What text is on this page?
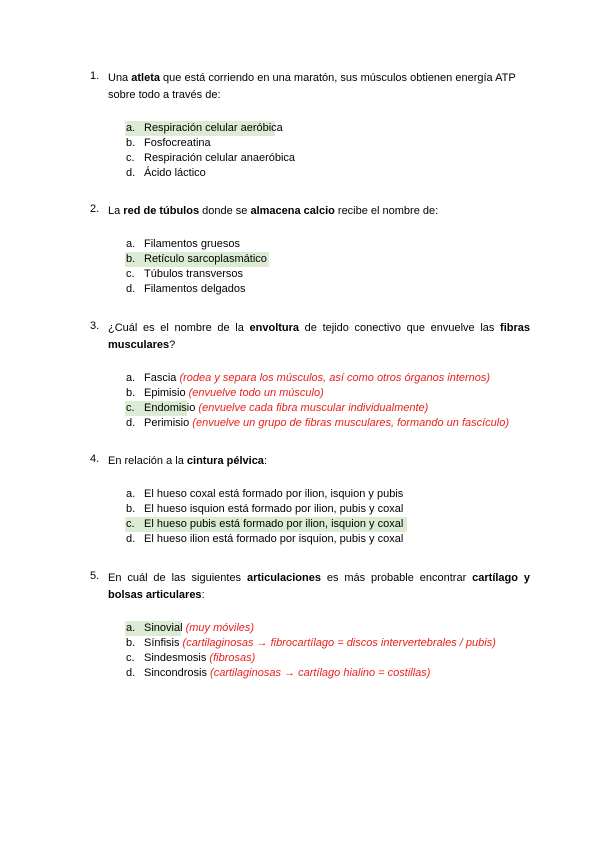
1. Una atleta que está corriendo en una maratón, sus músculos obtienen energía ATP sobre todo a través de:
a. Respiración celular aeróbica
b. Fosfocreatina
c. Respiración celular anaeróbica
d. Ácido láctico
2. La red de túbulos donde se almacena calcio recibe el nombre de:
a. Filamentos gruesos
b. Retículo sarcoplasmático
c. Túbulos transversos
d. Filamentos delgados
3. ¿Cuál es el nombre de la envoltura de tejido conectivo que envuelve las fibras musculares?
a. Fascia (rodea y separa los músculos, así como otros órganos internos)
b. Epimisio (envuelve todo un músculo)
c. Endomisio (envuelve cada fibra muscular individualmente)
d. Perimisio (envuelve un grupo de fibras musculares, formando un fascículo)
4. En relación a la cintura pélvica:
a. El hueso coxal está formado por ilion, isquion y pubis
b. El hueso isquion está formado por ilion, pubis y coxal
c. El hueso pubis está formado por ilion, isquion y coxal
d. El hueso ilion está formado por isquion, pubis y coxal
5. En cuál de las siguientes articulaciones es más probable encontrar cartílago y bolsas articulares:
a. Sinovial (muy móviles)
b. Sínfisis (cartilaginosas → fibrocartílago = discos intervertebrales / pubis)
c. Sindesmosis (fibrosas)
d. Sincondrosis (cartilaginosas → cartílago hialino = costillas)
